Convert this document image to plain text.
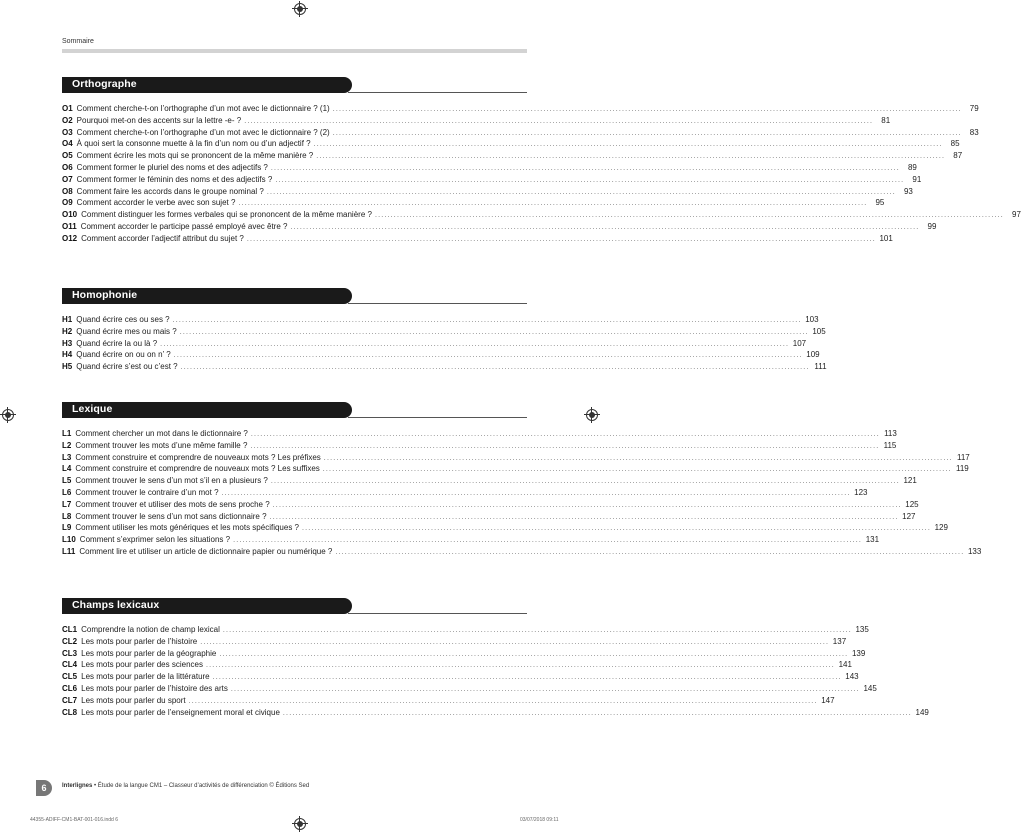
Sommaire
Orthographe
O1 Comment cherche-t-on l’orthographe d’un mot avec le dictionnaire ? (1) ........................................................................................................................................................................................................	79
O2 Pourquoi met-on des accents sur la lettre -e- ? ........................................................................................................................................................................................................	81
O3 Comment cherche-t-on l’orthographe d’un mot avec le dictionnaire ? (2) ........................................................................................................................................................................................................	83
O4 À quoi sert la consonne muette à la fin d’un nom ou d’un adjectif ? ........................................................................................................................................................................................................	85
O5 Comment écrire les mots qui se prononcent de la même manière ? ........................................................................................................................................................................................................	87
O6 Comment former le pluriel des noms et des adjectifs ? ........................................................................................................................................................................................................	89
O7 Comment former le féminin des noms et des adjectifs ? ........................................................................................................................................................................................................	91
O8 Comment faire les accords dans le groupe nominal ? ........................................................................................................................................................................................................	93
O9 Comment accorder le verbe avec son sujet ? ........................................................................................................................................................................................................	95
O10 Comment distinguer les formes verbales qui se prononcent de la même manière ? ........................................................................................................................................................................................................	97
O11 Comment accorder le participe passé employé avec être ? ........................................................................................................................................................................................................	99
O12 Comment accorder l’adjectif attribut du sujet ? ........................................................................................................................................................................................................ 101
Homophonie
H1 Quand écrire ces ou ses ? ........................................................................................................................................................................................................ 103
H2 Quand écrire mes ou mais ? ........................................................................................................................................................................................................ 105
H3 Quand écrire la ou là ? ........................................................................................................................................................................................................ 107
H4 Quand écrire on ou on n’ ? ........................................................................................................................................................................................................ 109
H5 Quand écrire s’est ou c’est ? ........................................................................................................................................................................................................ 111
Lexique
L1 Comment chercher un mot dans le dictionnaire ? ........................................................................................................................................................................................................ 113
L2 Comment trouver les mots d’une même famille ? ........................................................................................................................................................................................................ 115
L3 Comment construire et comprendre de nouveaux mots ? Les préfixes ........................................................................................................................................................................................................ 117
L4 Comment construire et comprendre de nouveaux mots ? Les suffixes ........................................................................................................................................................................................................ 119
L5 Comment trouver le sens d’un mot s’il en a plusieurs ? ........................................................................................................................................................................................................ 121
L6 Comment trouver le contraire d’un mot ? ........................................................................................................................................................................................................ 123
L7 Comment trouver et utiliser des mots de sens proche ? ........................................................................................................................................................................................................ 125
L8 Comment trouver le sens d’un mot sans dictionnaire ? ........................................................................................................................................................................................................ 127
L9 Comment utiliser les mots génériques et les mots spécifiques ? ........................................................................................................................................................................................................ 129
L10 Comment s’exprimer selon les situations ? ........................................................................................................................................................................................................ 131
L11 Comment lire et utiliser un article de dictionnaire papier ou numérique ? ........................................................................................................................................................................................................ 133
Champs lexicaux
CL1 Comprendre la notion de champ lexical ........................................................................................................................................................................................................ 135
CL2 Les mots pour parler de l’histoire ........................................................................................................................................................................................................ 137
CL3 Les mots pour parler de la géographie ........................................................................................................................................................................................................ 139
CL4 Les mots pour parler des sciences ........................................................................................................................................................................................................ 141
CL5 Les mots pour parler de la littérature ........................................................................................................................................................................................................ 143
CL6 Les mots pour parler de l’histoire des arts ........................................................................................................................................................................................................ 145
CL7 Les mots pour parler du sport ........................................................................................................................................................................................................ 147
CL8 Les mots pour parler de l’enseignement moral et civique ........................................................................................................................................................................................................ 149
6	Interlignes • Étude de la langue CM1 – Classeur d’activités de différenciation © Éditions Sed
44355-ADIFF-CM1-BAT-001-016.indd 6	03/07/2018 09:11
